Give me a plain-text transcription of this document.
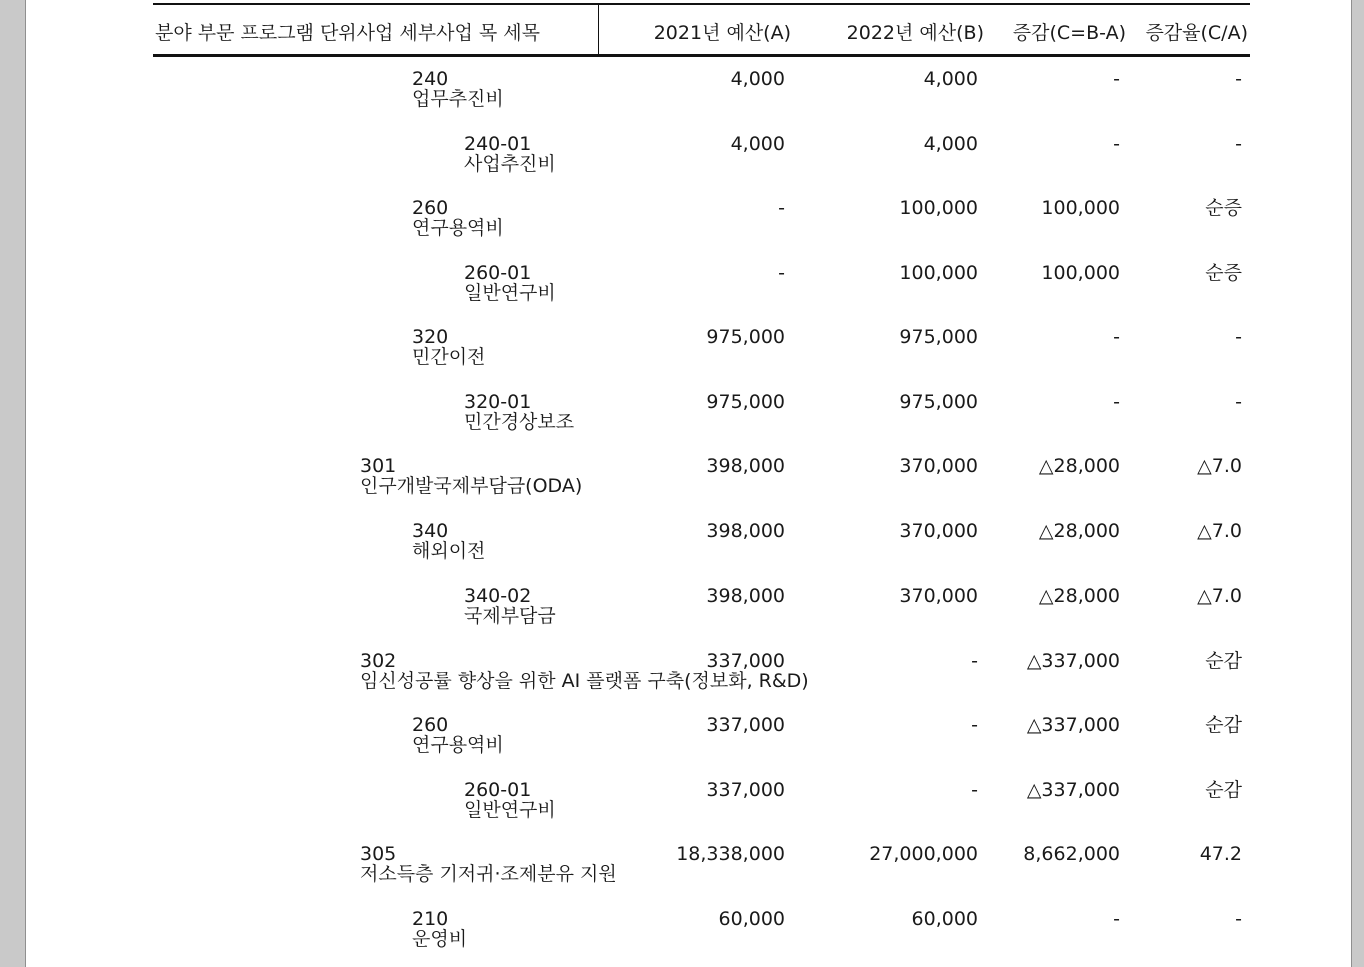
분야 부문 프로그램 단위사업 세부사업 목 세목	2021년 예산(A)	2022년 예산(B) 증감(C=B-A) 증감율(C/A)
240
업무추진비
4,000	4,000	-	-
240-01
사업추진비
4,000	4,000	-	-
260
연구용역비
-	100,000	100,000	순증
260-01
일반연구비
-	100,000	100,000	순증
320
민간이전
975,000	975,000	-	-
320-01
민간경상보조
975,000	975,000	-	-
301
인구개발국제부담금(ODA)
398,000	370,000	△28,000	△7.0
340
해외이전
398,000	370,000	△28,000	△7.0
340-02
국제부담금
398,000	370,000	△28,000	△7.0
302
임신성공률 향상을 위한 AI 플랫폼 구축(정보화, R&D)
337,000	-	△337,000	순감
260
연구용역비
337,000	-	△337,000	순감
260-01
일반연구비
337,000	-	△337,000	순감
305
저소득층 기저귀·조제분유 지원
18,338,000	27,000,000 8,662,000	47.2
210
운영비
60,000	60,000	-	-
